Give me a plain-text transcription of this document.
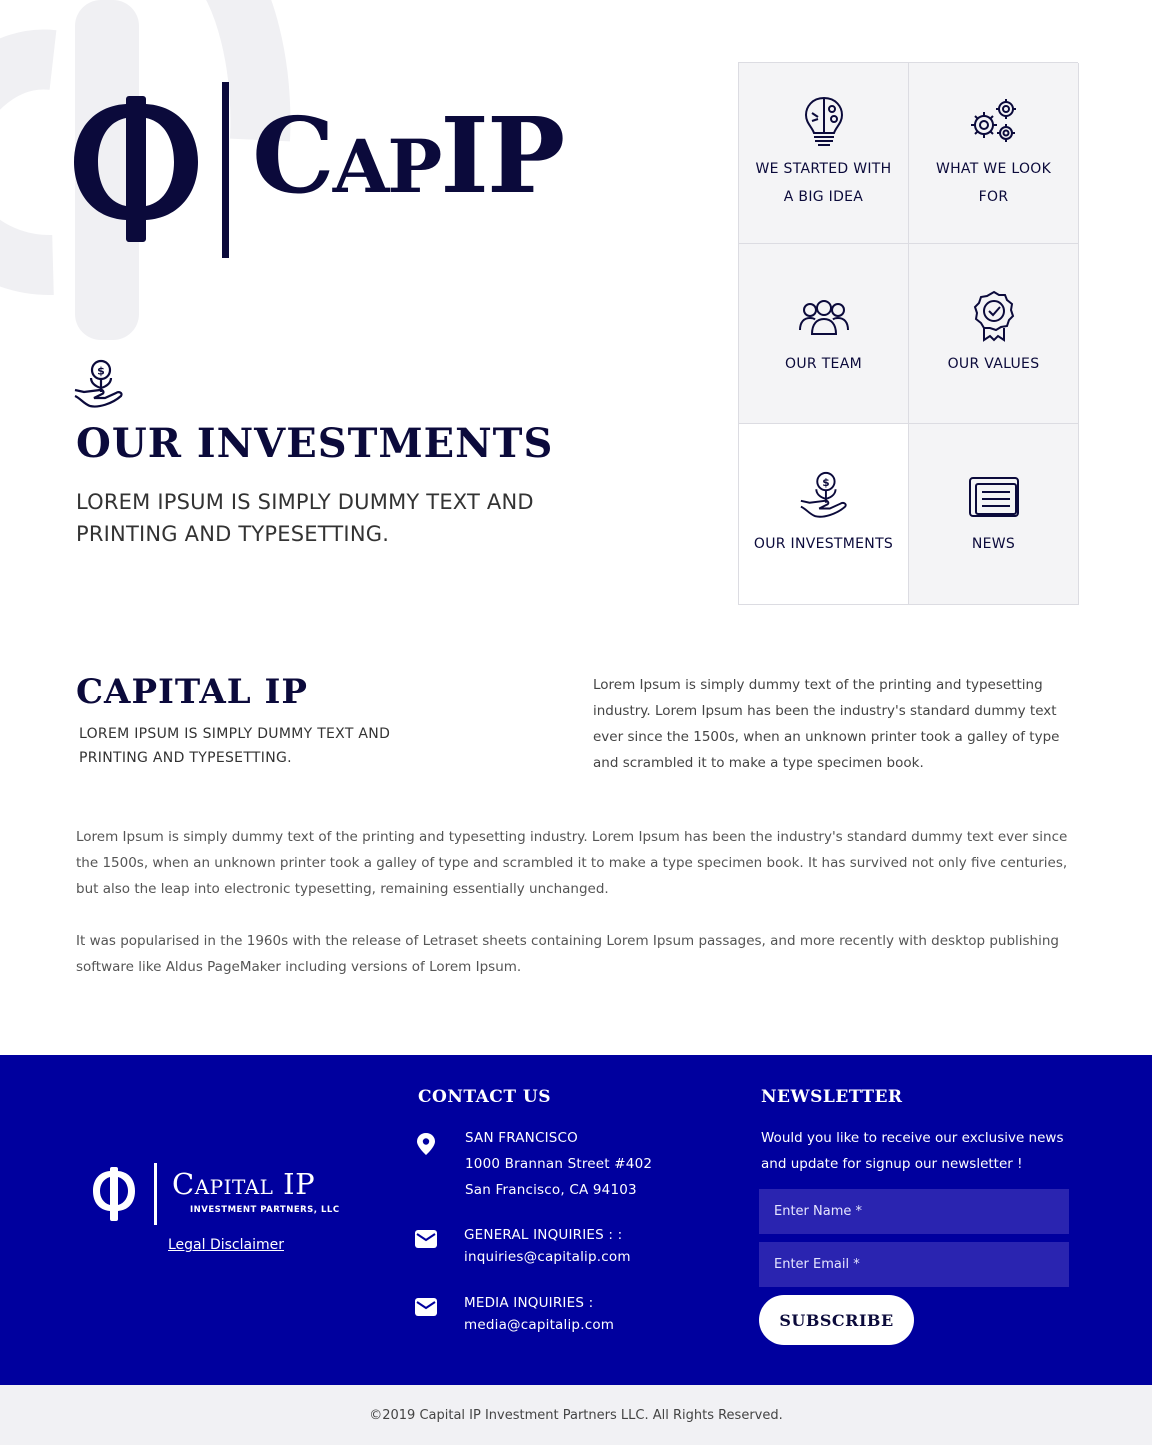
CapIP
$
OUR INVESTMENTS

LOREM IPSUM IS SIMPLY DUMMY TEXT AND PRINTING AND TYPESETTING.

WE STARTED WITH A BIG IDEA
WHAT WE LOOK FOR
OUR TEAM	OUR VALUES
$
OUR INVESTMENTS	NEWS
CAPITAL IP

LOREM IPSUM IS SIMPLY DUMMY TEXT AND PRINTING AND TYPESETTING.

Lorem Ipsum is simply dummy text of the printing and typesetting industry. Lorem Ipsum has been the industry's standard dummy text ever since the 1500s, when an unknown printer took a galley of type and scrambled it to make a type specimen book.

Lorem Ipsum is simply dummy text of the printing and typesetting industry. Lorem Ipsum has been the industry's standard dummy text ever since the 1500s, when an unknown printer took a galley of type and scrambled it to make a type specimen book. It has survived not only five centuries, but also the leap into electronic typesetting, remaining essentially unchanged.

It was popularised in the 1960s with the release of Letraset sheets containing Lorem Ipsum passages, and more recently with desktop publishing software like Aldus PageMaker including versions of Lorem Ipsum.

Capital IP
INVESTMENT PARTNERS, LLC
Legal Disclaimer
CONTACT US
SAN FRANCISCO
1000 Brannan Street #402
San Francisco, CA 94103
GENERAL INQUIRIES : :
inquiries@capitalip.com
MEDIA INQUIRIES :
media@capitalip.com
NEWSLETTER

Would you like to receive our exclusive news and update for signup our newsletter !

Enter Name *
Enter Email *
SUBSCRIBE
©2019 Capital IP Investment Partners LLC. All Rights Reserved.
